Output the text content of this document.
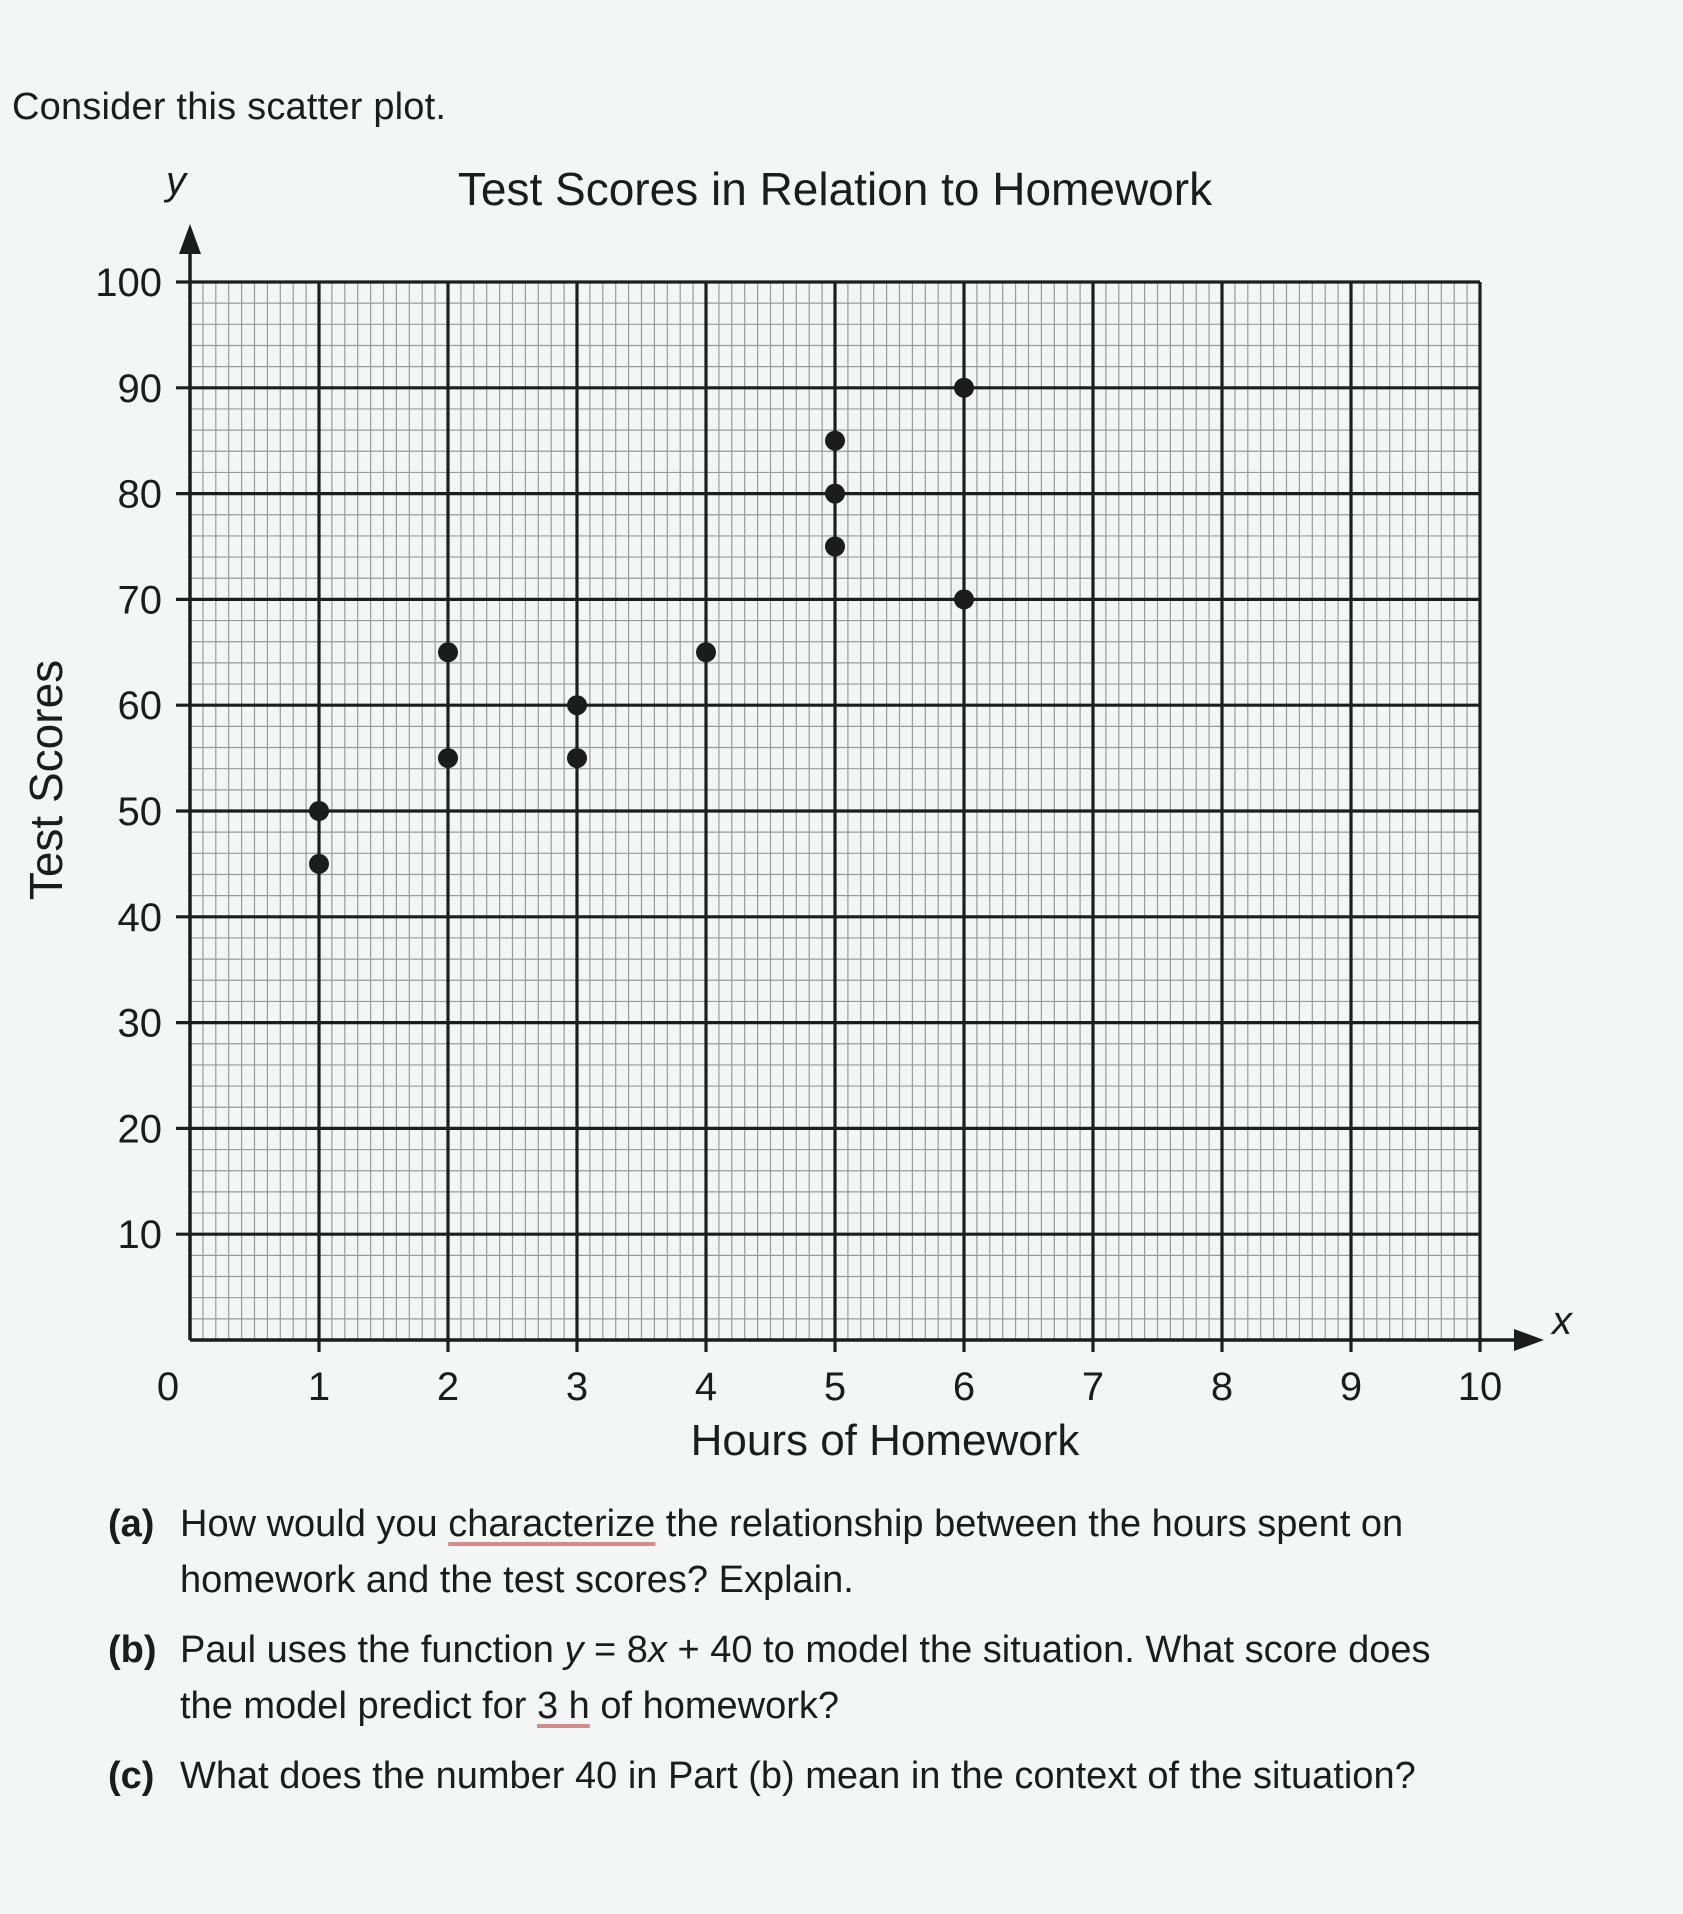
Consider this scatter plot.
0	1	2	3	4	5	6	7	8	9 10
10
20
30
40
50
60
70
80
90
100
Test Scores in Relation to Homework
y
x
Hours of Homework
Test Scores
(a) How would you characterize the relationship between the hours spent on
homework and the test scores? Explain.
(b) Paul uses the function y = 8x + 40 to model the situation. What score does
the model predict for 3 h of homework?
(c) What does the number 40 in Part (b) mean in the context of the situation?
